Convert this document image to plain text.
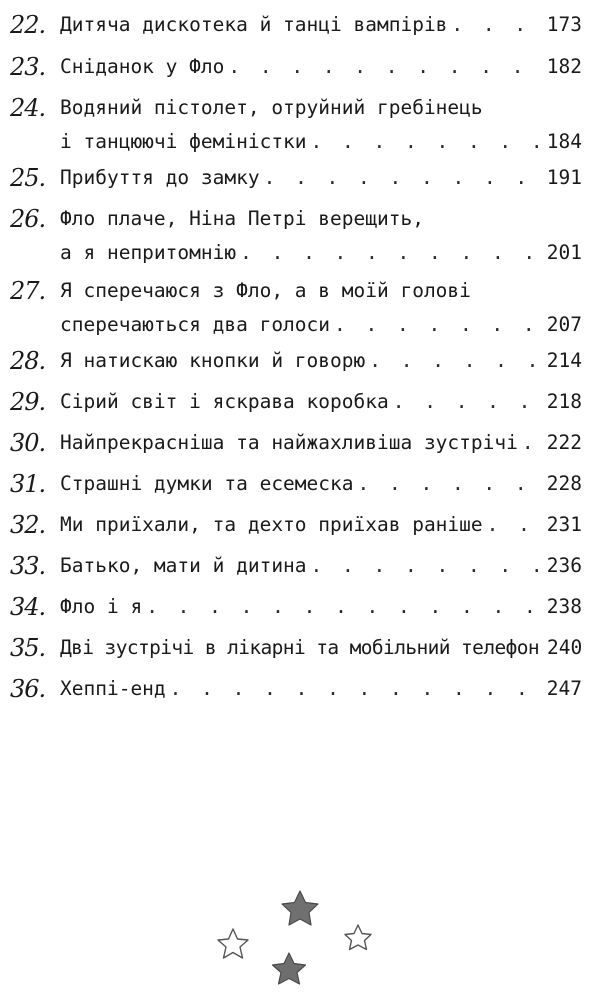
22. Дитяча дискотека й танці вампірів . . .	173
23. Сніданок у Фло . . .	182
24. Водяний пістолет, отруйний гребінець
і танцюючі феміністки . . .	184
25. Прибуття до замку . . .	191
26. Фло плаче, Ніна Петрі верещить,
а я непритомнію . . .	201
27. Я сперечаюся з Фло, а в моїй голові
сперечаються два голоси . . .	207
28. Я натискаю кнопки й говорю . . .	214
29. Сірий світ і яскрава коробка . . .	218
30. Найпрекрасніша та найжахливіша зустрічі . . . 222
31. Страшні думки та есемеска . . .	228
32. Ми приїхали, та дехто приїхав раніше . . .	231
33. Батько, мати й дитина . . .	236
34. Фло і я . . .	238
35. Дві зустрічі в лікарні та мобільний телефон 240
36. Хеппі-енд . . .	247
